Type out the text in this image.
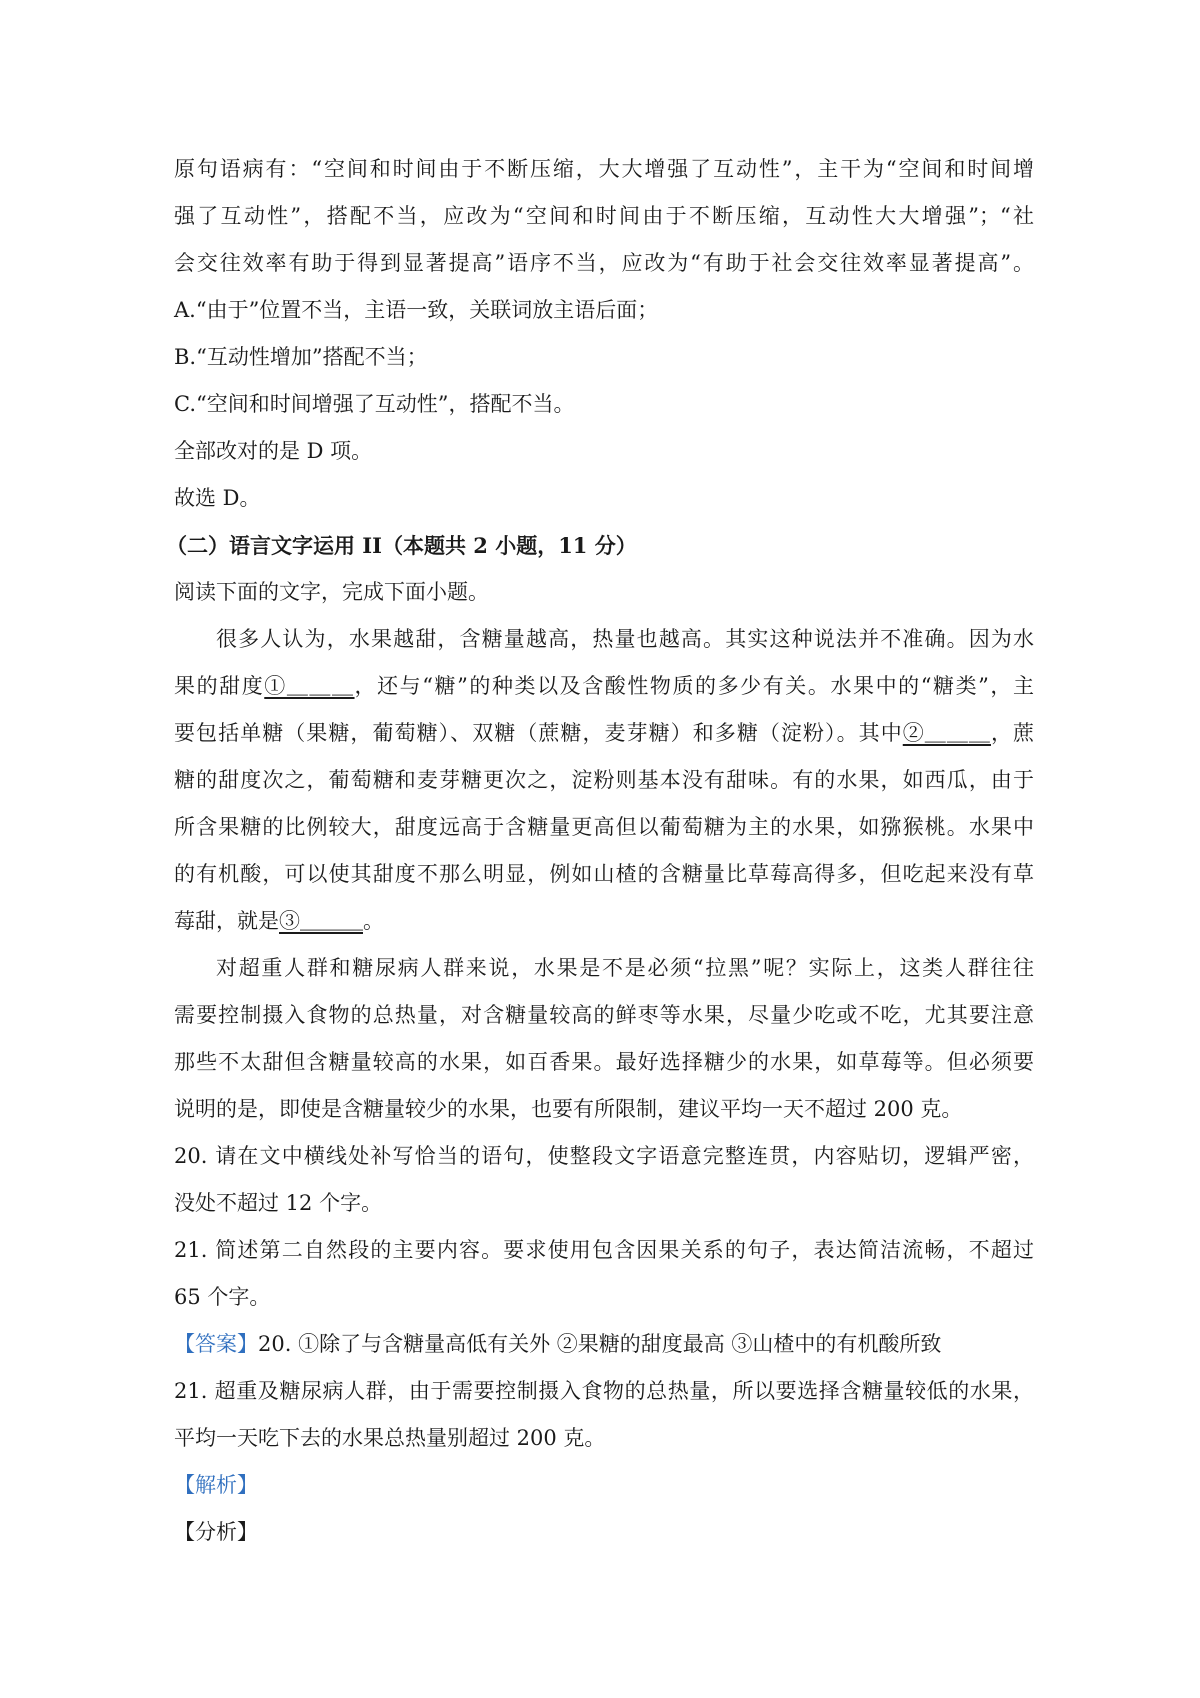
原句语病有：“空间和时间由于不断压缩，大大增强了互动性”，主干为“空间和时间增
强了互动性”，搭配不当，应改为“空间和时间由于不断压缩，互动性大大增强”；“社
会交往效率有助于得到显著提高”语序不当，应改为“有助于社会交往效率显著提高”。
A.“由于”位置不当，主语一致，关联词放主语后面；
B.“互动性增加”搭配不当；
C.“空间和时间增强了互动性”，搭配不当。
全部改对的是 D 项。
故选 D。
（二）语言文字运用 II（本题共 2 小题，11 分）
阅读下面的文字，完成下面小题。
很多人认为，水果越甜，含糖量越高，热量也越高。其实这种说法并不准确。因为水
果的甜度①＿＿＿，还与“糖”的种类以及含酸性物质的多少有关。水果中的“糖类”，主
要包括单糖（果糖，葡萄糖）、双糖（蔗糖，麦芽糖）和多糖（淀粉）。其中②＿＿＿，蔗
糖的甜度次之，葡萄糖和麦芽糖更次之，淀粉则基本没有甜味。有的水果，如西瓜，由于
所含果糖的比例较大，甜度远高于含糖量更高但以葡萄糖为主的水果，如猕猴桃。水果中
的有机酸，可以使其甜度不那么明显，例如山楂的含糖量比草莓高得多，但吃起来没有草
莓甜，就是③＿＿＿。
对超重人群和糖尿病人群来说，水果是不是必须“拉黑”呢？实际上，这类人群往往
需要控制摄入食物的总热量，对含糖量较高的鲜枣等水果，尽量少吃或不吃，尤其要注意
那些不太甜但含糖量较高的水果，如百香果。最好选择糖少的水果，如草莓等。但必须要
说明的是，即使是含糖量较少的水果，也要有所限制，建议平均一天不超过 200 克。
20. 请在文中横线处补写恰当的语句，使整段文字语意完整连贯，内容贴切，逻辑严密，
没处不超过 12 个字。
21. 简述第二自然段的主要内容。要求使用包含因果关系的句子，表达简洁流畅，不超过
65 个字。
【答案】20. ①除了与含糖量高低有关外 ②果糖的甜度最高 ③山楂中的有机酸所致
21. 超重及糖尿病人群，由于需要控制摄入食物的总热量，所以要选择含糖量较低的水果，
平均一天吃下去的水果总热量别超过 200 克。
【解析】
【分析】
